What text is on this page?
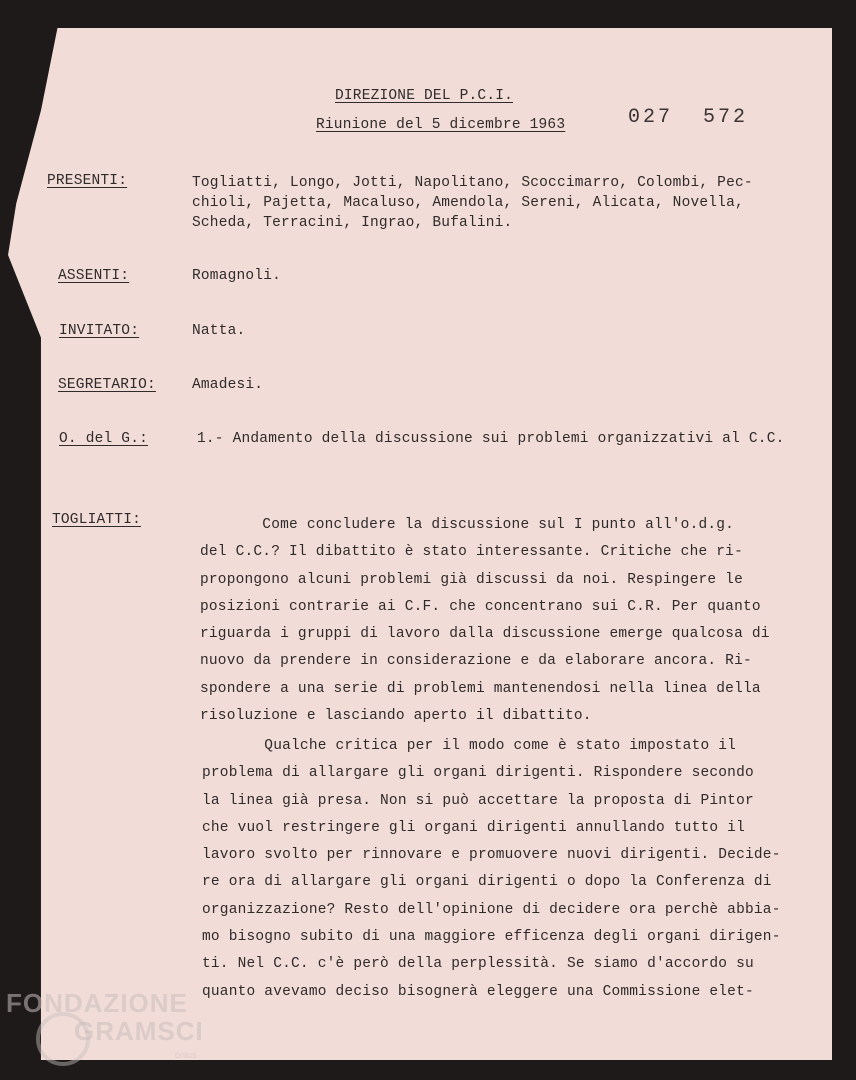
DIREZIONE DEL P.C.I.
Riunione del 5 dicembre 1963	027  572
PRESENTI:	Togliatti, Longo, Jotti, Napolitano, Scoccimarro, Colombi, Pec-
chioli, Pajetta, Macaluso, Amendola, Sereni, Alicata, Novella,
Scheda, Terracini, Ingrao, Bufalini.
ASSENTI:	Romagnoli.
INVITATO:	Natta.
SEGRETARIO: Amadesi.
O. del G.:	1.- Andamento della discussione sui problemi organizzativi al C.C.
TOGLIATTI:	Come concludere la discussione sul I punto all'o.d.g.
del C.C.? Il dibattito è stato interessante. Critiche che ri-
propongono alcuni problemi già discussi da noi. Respingere le
posizioni contrarie ai C.F. che concentrano sui C.R. Per quanto
riguarda i gruppi di lavoro dalla discussione emerge qualcosa di
nuovo da prendere in considerazione e da elaborare ancora. Ri-
spondere a una serie di problemi mantenendosi nella linea della
risoluzione e lasciando aperto il dibattito.
Qualche critica per il modo come è stato impostato il
problema di allargare gli organi dirigenti. Rispondere secondo
la linea già presa. Non si può accettare la proposta di Pintor
che vuol restringere gli organi dirigenti annullando tutto il
lavoro svolto per rinnovare e promuovere nuovi dirigenti. Decide-
re ora di allargare gli organi dirigenti o dopo la Conferenza di
organizzazione? Resto dell'opinione di decidere ora perchè abbia-
mo bisogno subito di una maggiore efficenza degli organi dirigen-
ti. Nel C.C. c'è però della perplessità. Se siamo d'accordo su
quanto avevamo deciso bisognerà eleggere una Commissione elet-
FONDAZIONE
GRAMSCI
onlus
